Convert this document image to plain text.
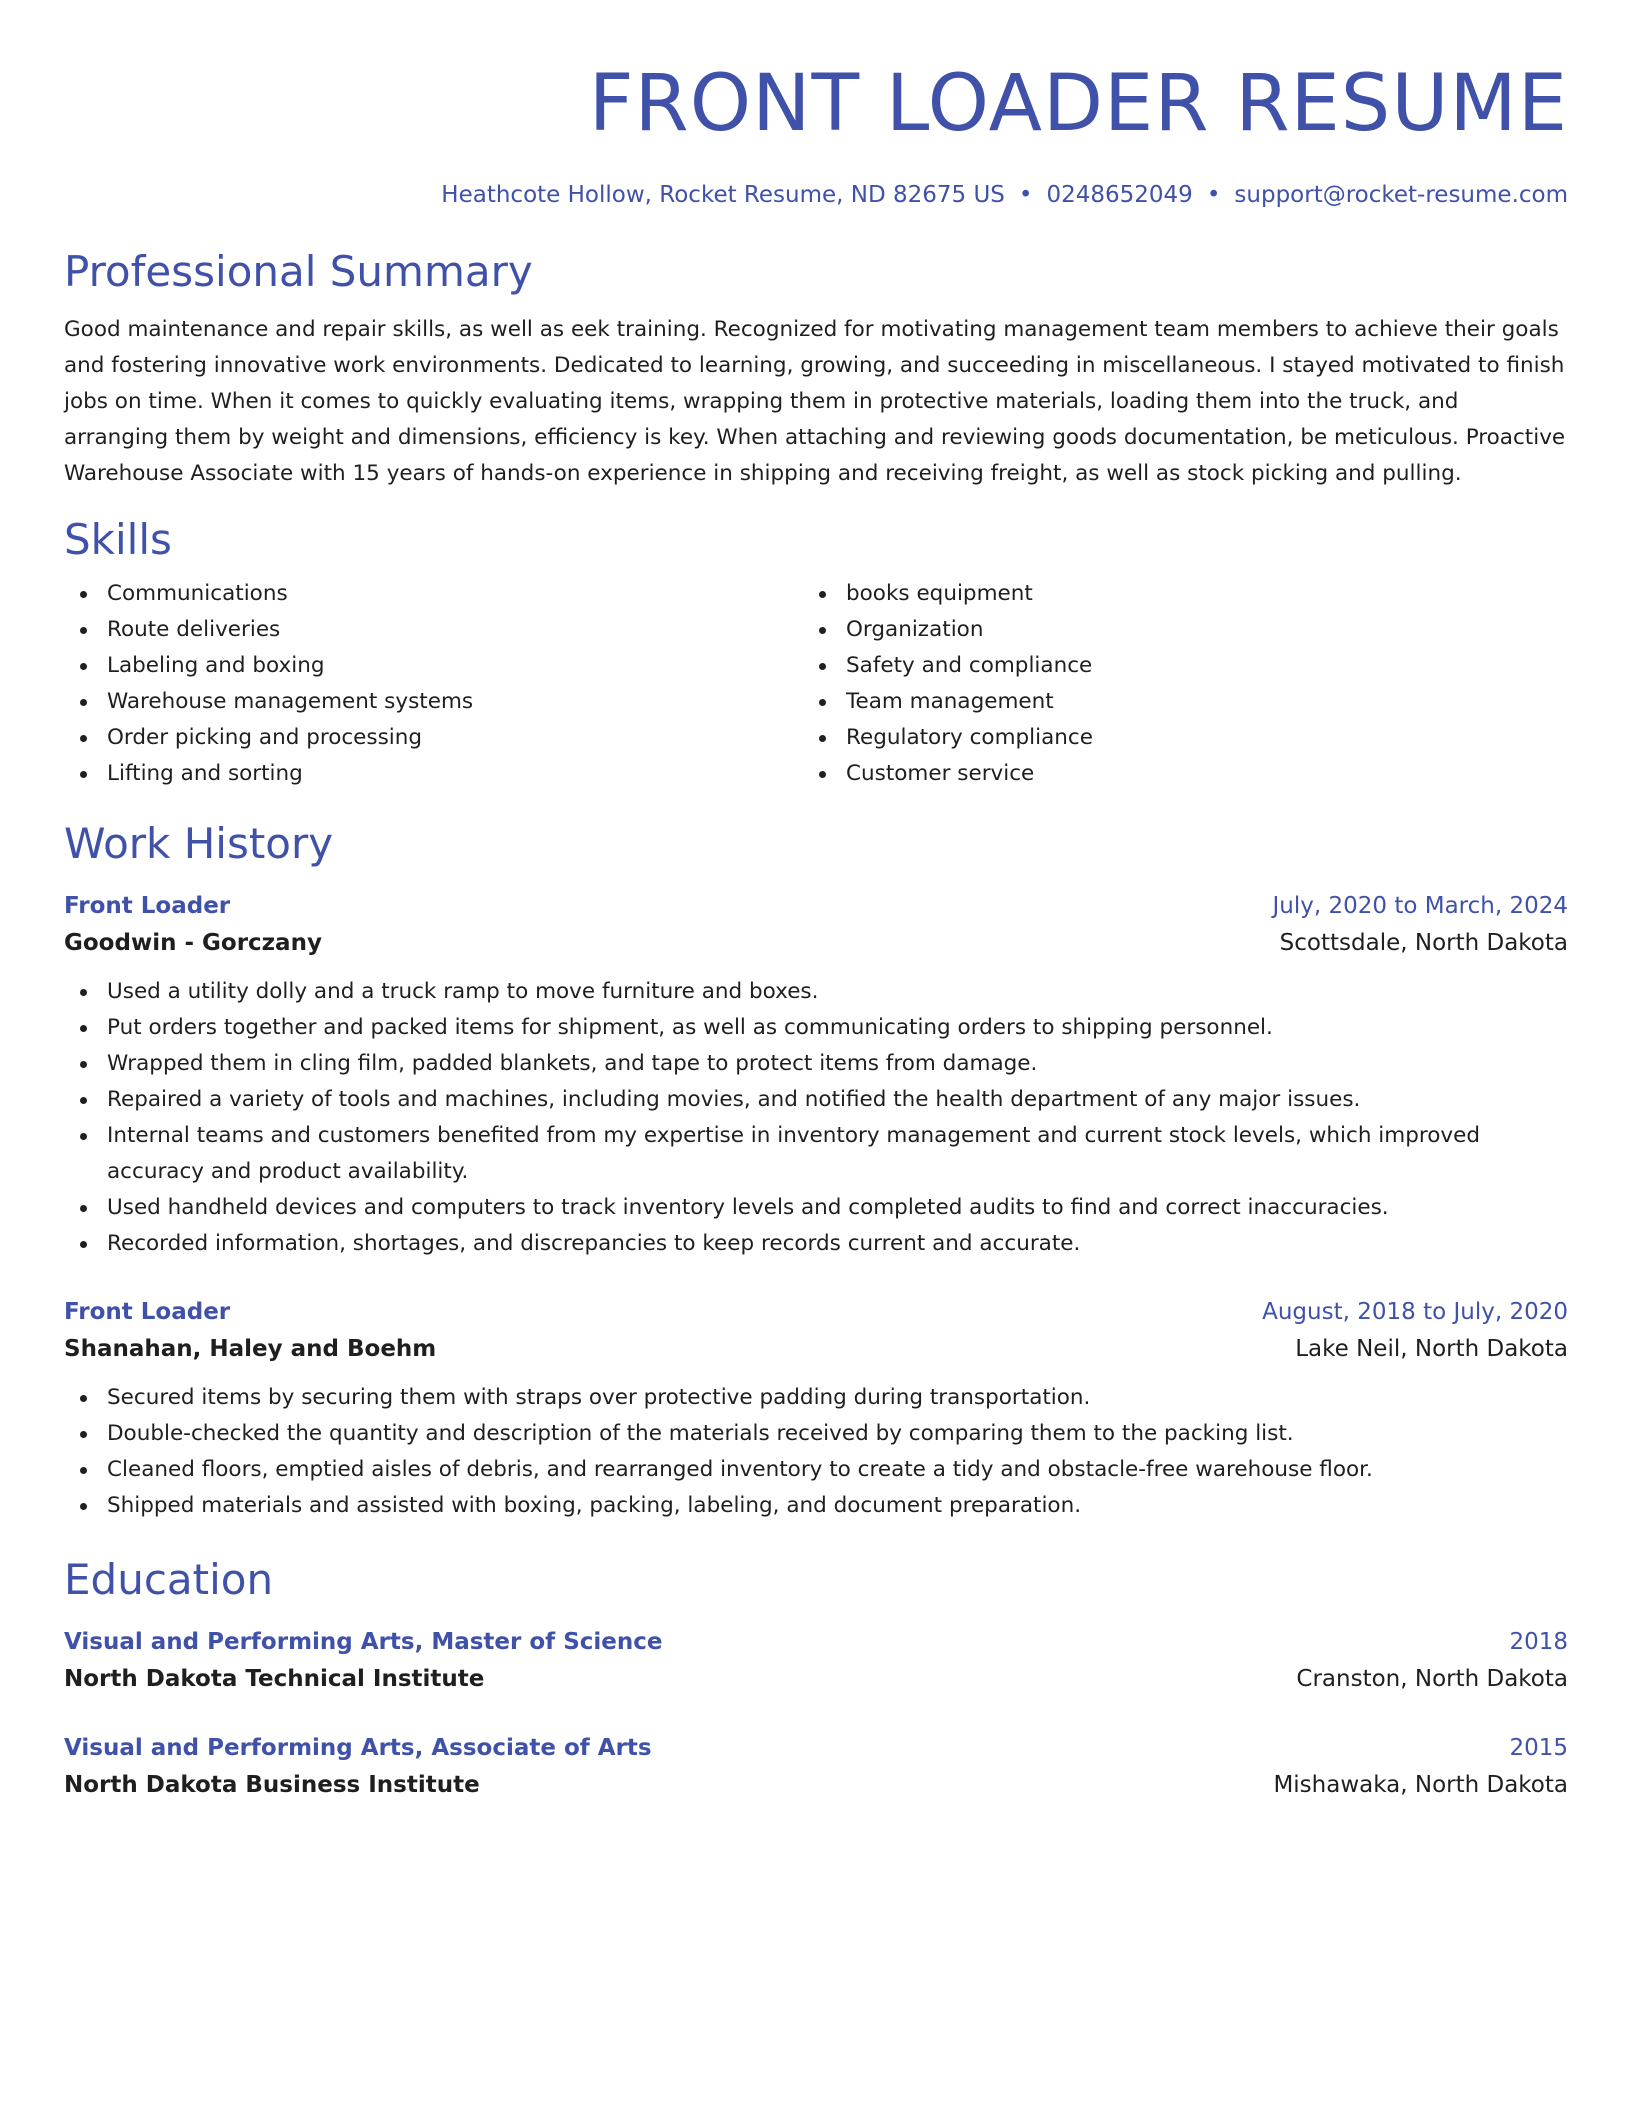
FRONT LOADER RESUME
Heathcote Hollow, Rocket Resume, ND 82675 US • 0248652049 • support@rocket-resume.com
Professional Summary
Good maintenance and repair skills, as well as eek training. Recognized for motivating management team members to achieve their goals and fostering innovative work environments. Dedicated to learning, growing, and succeeding in miscellaneous. I stayed motivated to finish jobs on time. When it comes to quickly evaluating items, wrapping them in protective materials, loading them into the truck, and arranging them by weight and dimensions, efficiency is key. When attaching and reviewing goods documentation, be meticulous. Proactive Warehouse Associate with 15 years of hands-on experience in shipping and receiving freight, as well as stock picking and pulling.
Skills
Communications
Route deliveries
Labeling and boxing
Warehouse management systems
Order picking and processing
Lifting and sorting
books equipment
Organization
Safety and compliance
Team management
Regulatory compliance
Customer service
Work History
Front Loader	July, 2020 to March, 2024
Goodwin - Gorczany	Scottsdale, North Dakota
Used a utility dolly and a truck ramp to move furniture and boxes.
Put orders together and packed items for shipment, as well as communicating orders to shipping personnel.
Wrapped them in cling film, padded blankets, and tape to protect items from damage.
Repaired a variety of tools and machines, including movies, and notified the health department of any major issues.
Internal teams and customers benefited from my expertise in inventory management and current stock levels, which improved accuracy and product availability.
Used handheld devices and computers to track inventory levels and completed audits to find and correct inaccuracies.
Recorded information, shortages, and discrepancies to keep records current and accurate.
Front Loader	August, 2018 to July, 2020
Shanahan, Haley and Boehm	Lake Neil, North Dakota
Secured items by securing them with straps over protective padding during transportation.
Double-checked the quantity and description of the materials received by comparing them to the packing list.
Cleaned floors, emptied aisles of debris, and rearranged inventory to create a tidy and obstacle-free warehouse floor.
Shipped materials and assisted with boxing, packing, labeling, and document preparation.
Education
Visual and Performing Arts, Master of Science	2018
North Dakota Technical Institute	Cranston, North Dakota
Visual and Performing Arts, Associate of Arts	2015
North Dakota Business Institute	Mishawaka, North Dakota
